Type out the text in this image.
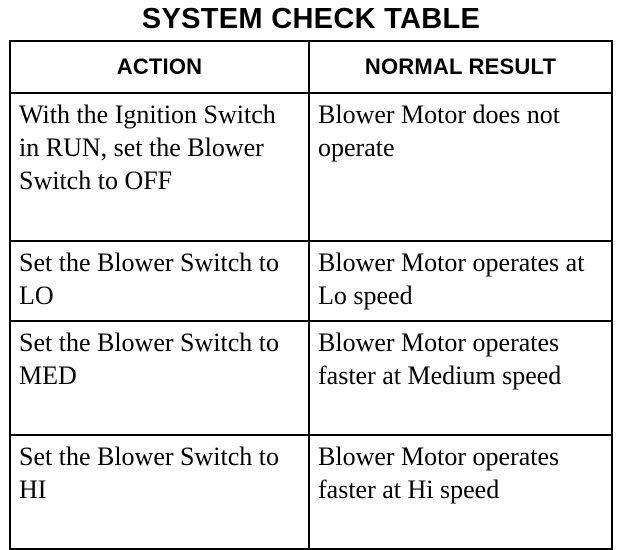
SYSTEM CHECK TABLE
ACTION	NORMAL RESULT
With the Ignition Switch in RUN, set the Blower Switch to OFF	Blower Motor does not operate
Set the Blower Switch to LO	Blower Motor operates at Lo speed
Set the Blower Switch to MED	Blower Motor operates faster at Medium speed
Set the Blower Switch to HI	Blower Motor operates faster at Hi speed
